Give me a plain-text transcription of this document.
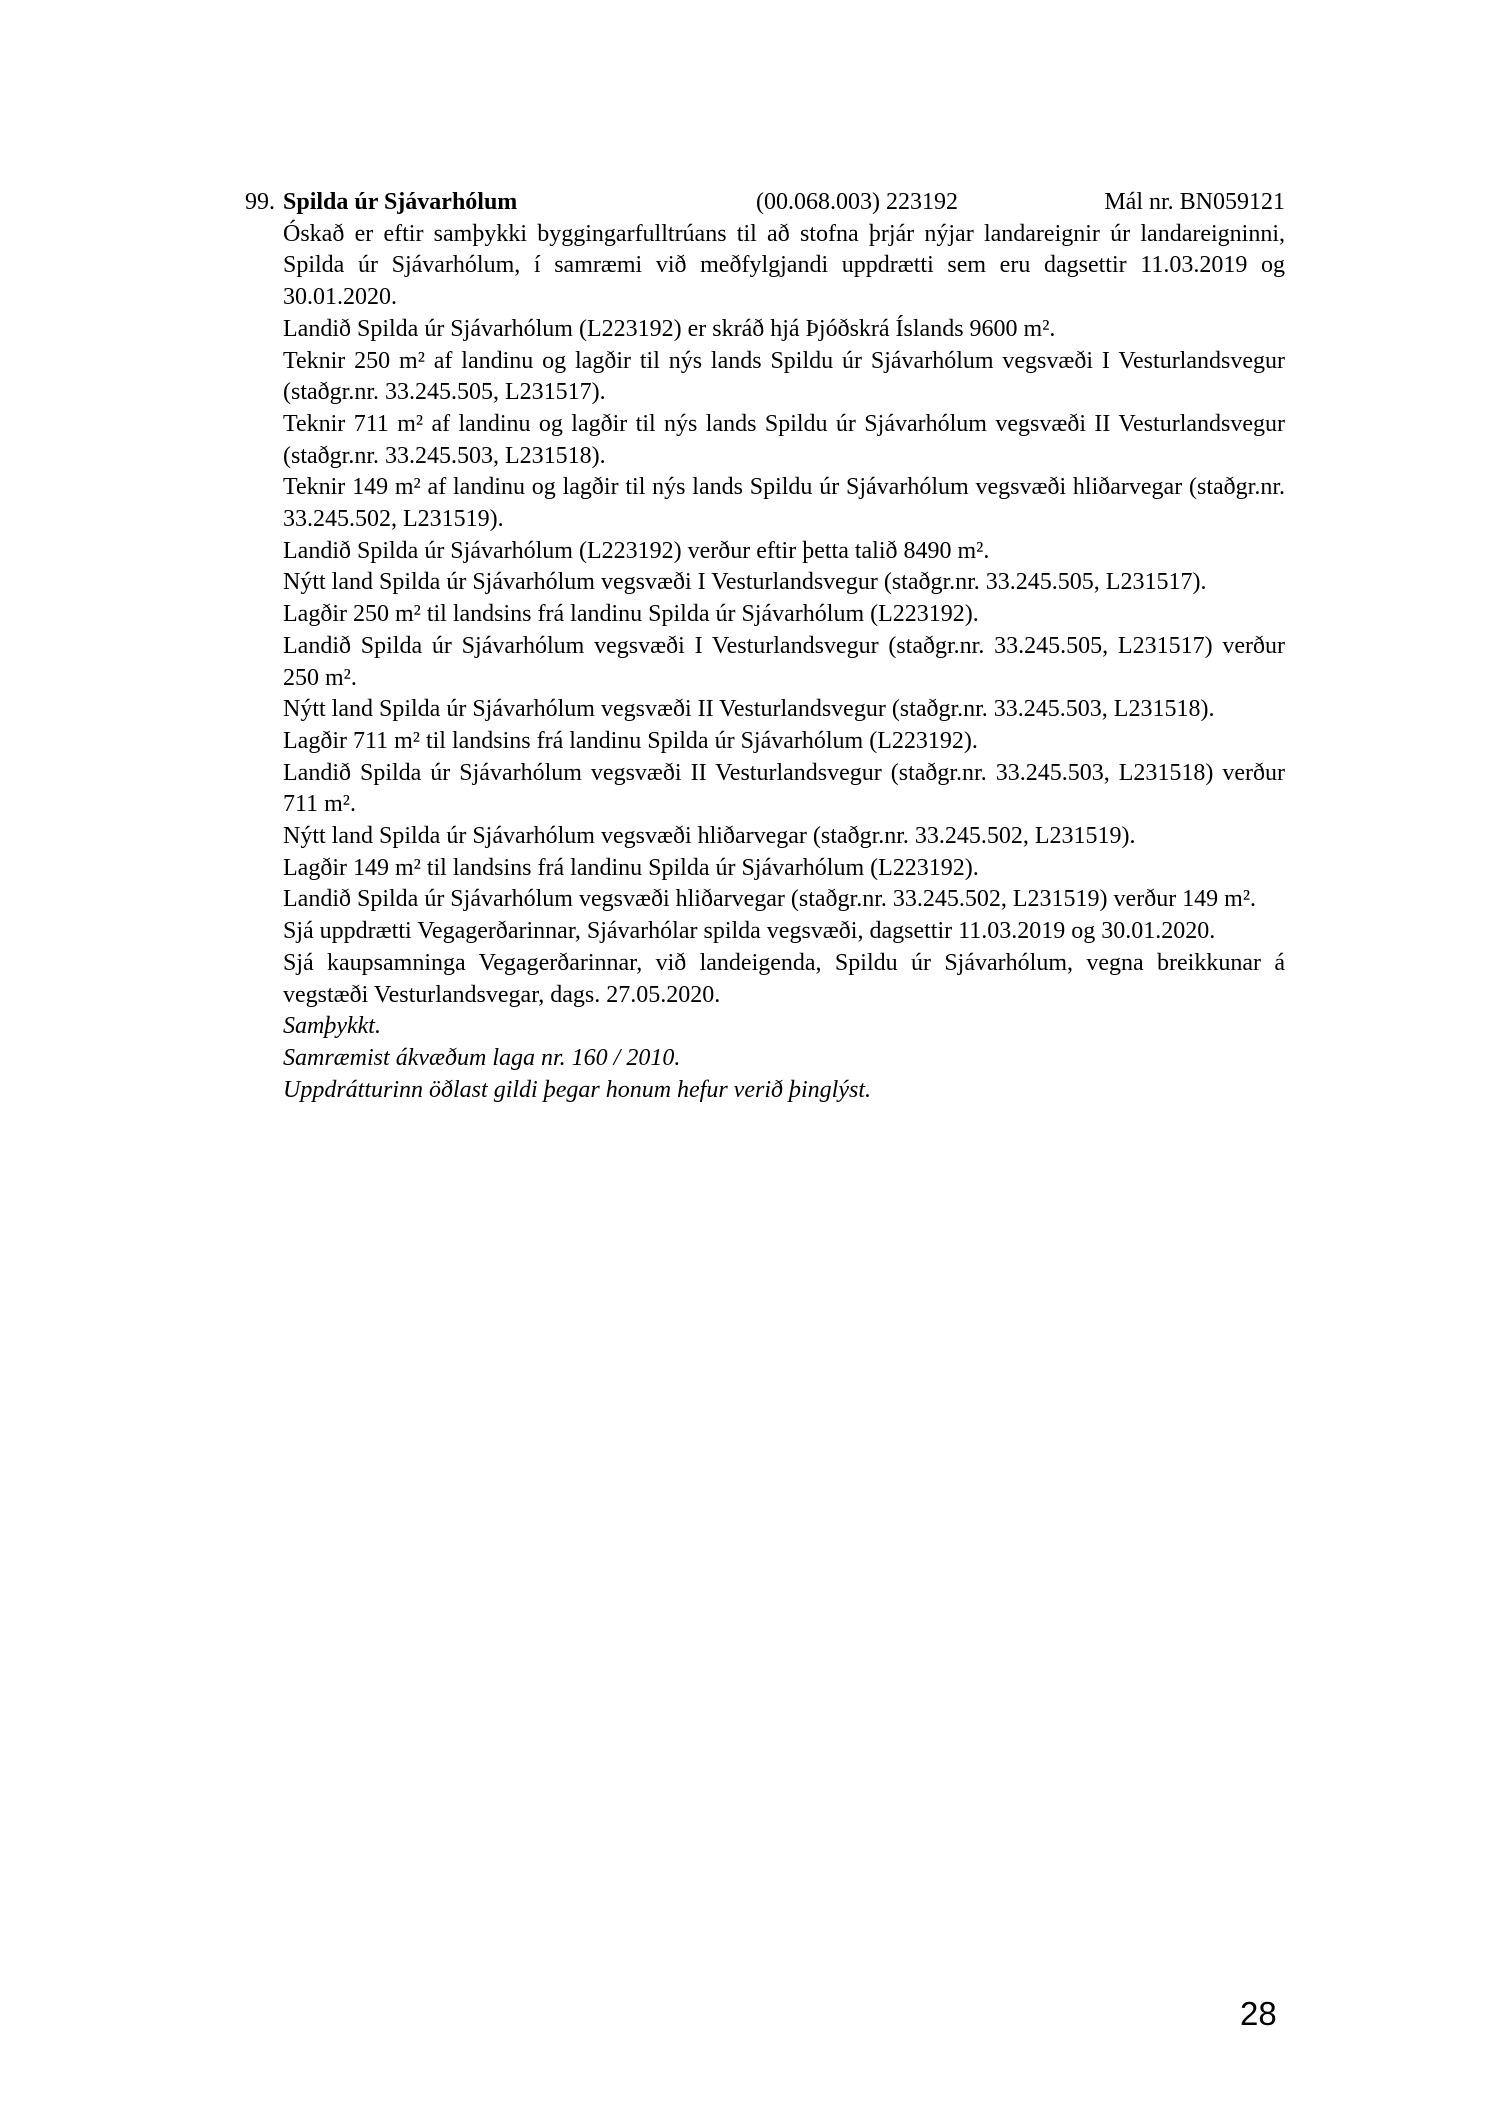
99. Spilda úr Sjávarhólum	(00.068.003) 223192	Mál nr. BN059121

Óskað er eftir samþykki byggingarfulltrúans til að stofna þrjár nýjar landareignir úr landareigninni, Spilda úr Sjávarhólum, í samræmi við meðfylgjandi uppdrætti sem eru dagsettir 11.03.2019 og 30.01.2020.

Landið Spilda úr Sjávarhólum (L223192) er skráð hjá Þjóðskrá Íslands 9600 m².

Teknir 250 m² af landinu og lagðir til nýs lands Spildu úr Sjávarhólum vegsvæði I Vesturlandsvegur (staðgr.nr. 33.245.505, L231517).

Teknir 711 m² af landinu og lagðir til nýs lands Spildu úr Sjávarhólum vegsvæði II Vesturlandsvegur (staðgr.nr. 33.245.503, L231518).

Teknir 149 m² af landinu og lagðir til nýs lands Spildu úr Sjávarhólum vegsvæði hliðarvegar (staðgr.nr. 33.245.502, L231519).

Landið Spilda úr Sjávarhólum (L223192) verður eftir þetta talið 8490 m².

Nýtt land Spilda úr Sjávarhólum vegsvæði I Vesturlandsvegur (staðgr.nr. 33.245.505, L231517).

Lagðir 250 m² til landsins frá landinu Spilda úr Sjávarhólum (L223192).

Landið Spilda úr Sjávarhólum vegsvæði I Vesturlandsvegur (staðgr.nr. 33.245.505, L231517) verður 250 m².

Nýtt land Spilda úr Sjávarhólum vegsvæði II Vesturlandsvegur (staðgr.nr. 33.245.503, L231518).

Lagðir 711 m² til landsins frá landinu Spilda úr Sjávarhólum (L223192).

Landið Spilda úr Sjávarhólum vegsvæði II Vesturlandsvegur (staðgr.nr. 33.245.503, L231518) verður 711 m².

Nýtt land Spilda úr Sjávarhólum vegsvæði hliðarvegar (staðgr.nr. 33.245.502, L231519).

Lagðir 149 m² til landsins frá landinu Spilda úr Sjávarhólum (L223192).

Landið Spilda úr Sjávarhólum vegsvæði hliðarvegar (staðgr.nr. 33.245.502, L231519) verður 149 m².

Sjá uppdrætti Vegagerðarinnar, Sjávarhólar spilda vegsvæði, dagsettir 11.03.2019 og 30.01.2020.

Sjá kaupsamninga Vegagerðarinnar, við landeigenda, Spildu úr Sjávarhólum, vegna breikkunar á vegstæði Vesturlandsvegar, dags. 27.05.2020.

Samþykkt.

Samræmist ákvæðum laga nr. 160 / 2010.

Uppdrátturinn öðlast gildi þegar honum hefur verið þinglýst.

28
